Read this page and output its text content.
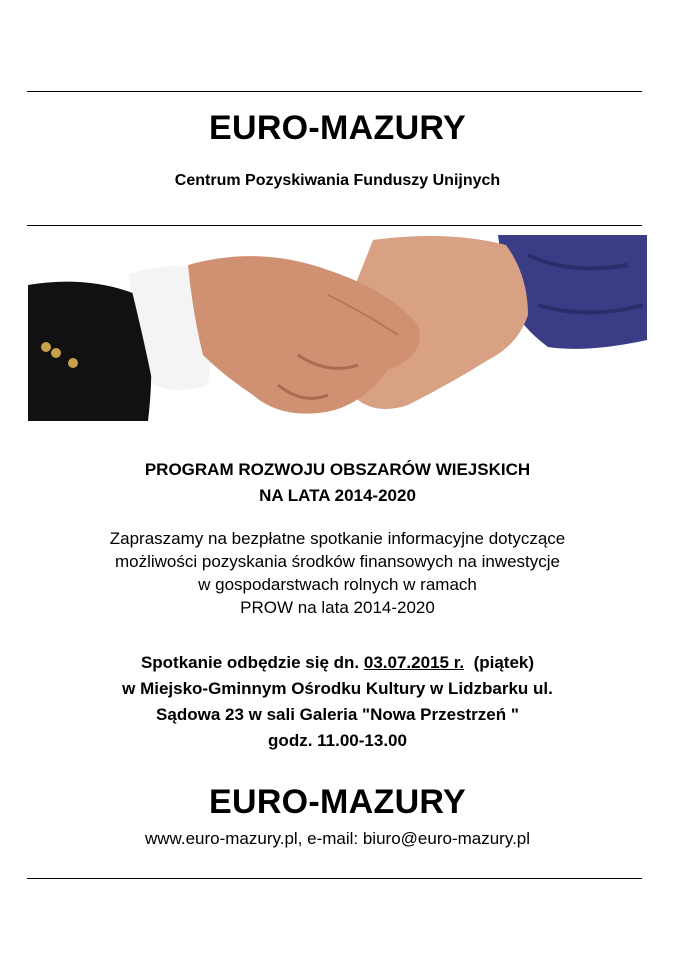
EURO-MAZURY
Centrum Pozyskiwania Funduszy Unijnych
PROGRAM ROZWOJU OBSZARÓW WIEJSKICH
NA LATA 2014-2020
Zapraszamy na bezpłatne spotkanie informacyjne dotyczące
możliwości pozyskania środków finansowych na inwestycje
w gospodarstwach rolnych w ramach
PROW na lata 2014-2020
Spotkanie odbędzie się dn. 03.07.2015 r. (piątek)
w Miejsko-Gminnym Ośrodku Kultury w Lidzbarku ul.
Sądowa 23 w sali Galeria "Nowa Przestrzeń "
godz. 11.00-13.00
EURO-MAZURY
www.euro-mazury.pl, e-mail: biuro@euro-mazury.pl
